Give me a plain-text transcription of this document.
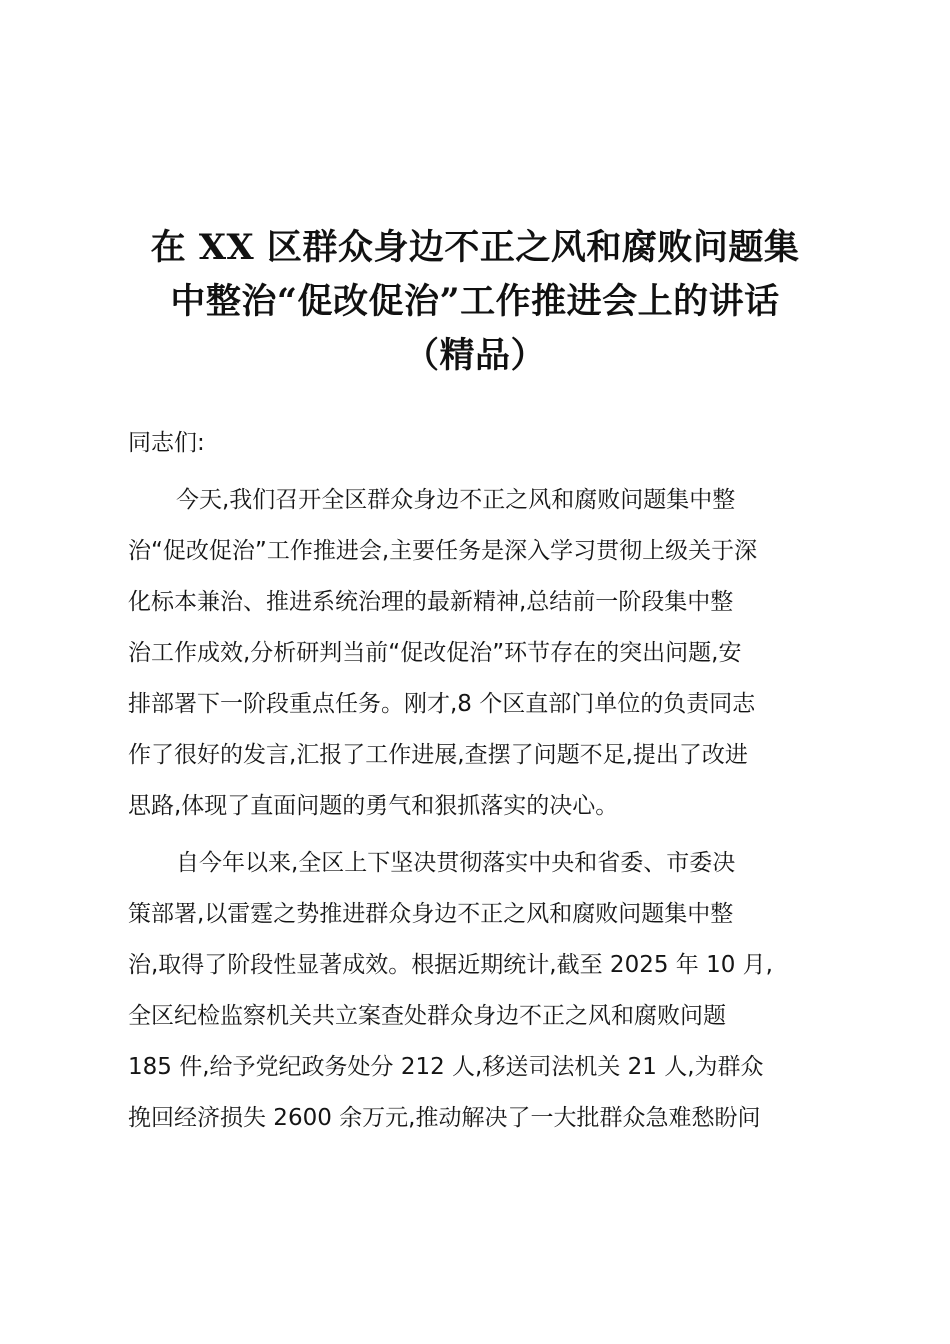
在 XX 区群众身边不正之风和腐败问题集
中整治“促改促治”工作推进会上的讲话
（精品）

同志们:

今天,我们召开全区群众身边不正之风和腐败问题集中整
治“促改促治”工作推进会,主要任务是深入学习贯彻上级关于深
化标本兼治、推进系统治理的最新精神,总结前一阶段集中整
治工作成效,分析研判当前“促改促治”环节存在的突出问题,安
排部署下一阶段重点任务。刚才,8 个区直部门单位的负责同志
作了很好的发言,汇报了工作进展,查摆了问题不足,提出了改进
思路,体现了直面问题的勇气和狠抓落实的决心。

自今年以来,全区上下坚决贯彻落实中央和省委、市委决
策部署,以雷霆之势推进群众身边不正之风和腐败问题集中整
治,取得了阶段性显著成效。根据近期统计,截至 2025 年 10 月,
全区纪检监察机关共立案查处群众身边不正之风和腐败问题
185 件,给予党纪政务处分 212 人,移送司法机关 21 人,为群众
挽回经济损失 2600 余万元,推动解决了一大批群众急难愁盼问
